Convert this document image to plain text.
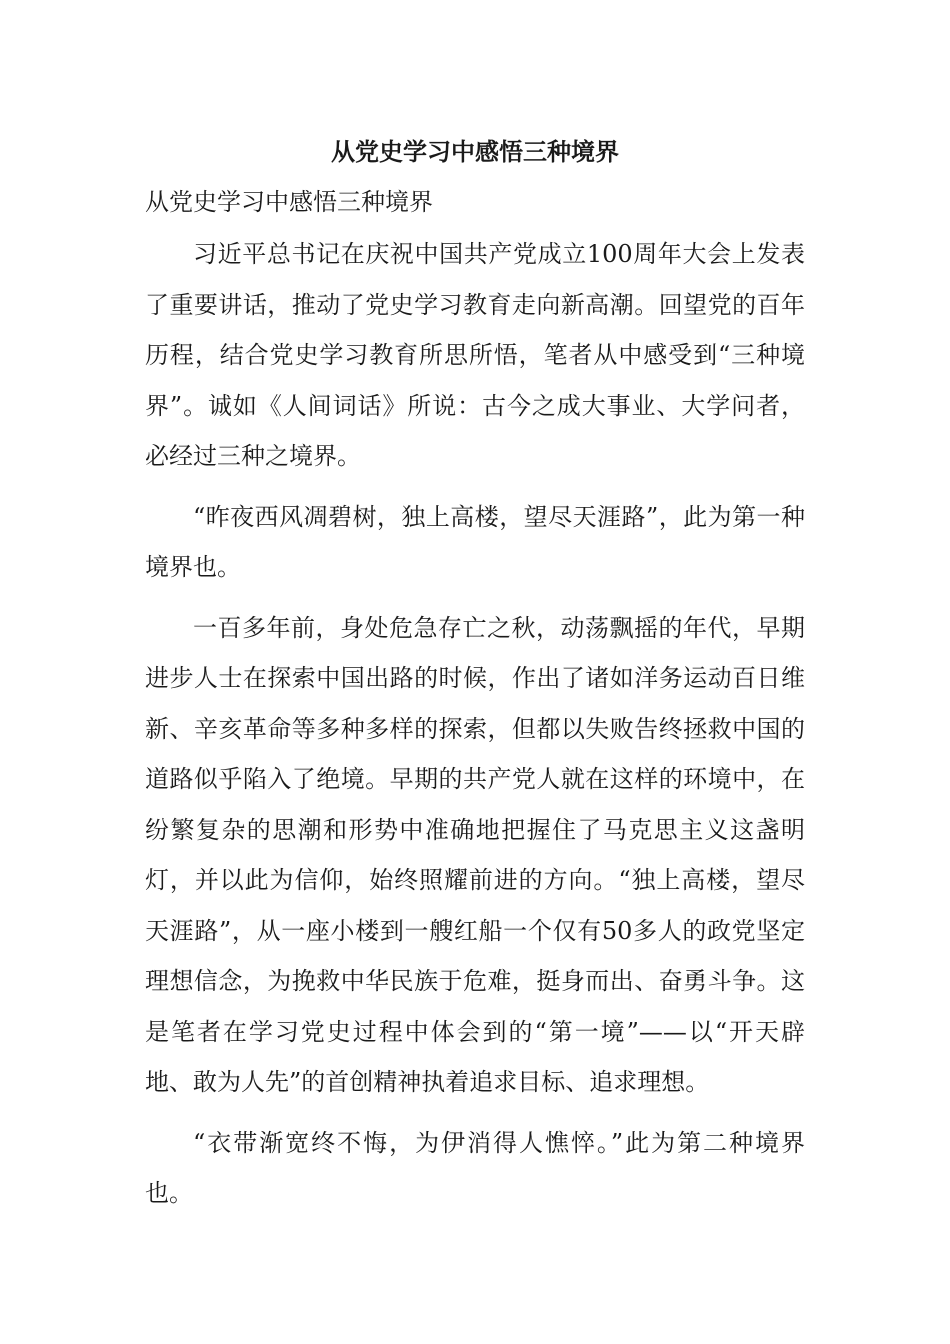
从党史学习中感悟三种境界
从党史学习中感悟三种境界

习近平总书记在庆祝中国共产党成立100周年大会上发表了重要讲话，推动了党史学习教育走向新高潮。回望党的百年历程，结合党史学习教育所思所悟，笔者从中感受到“三种境界”。诚如《人间词话》所说：古今之成大事业、大学问者，必经过三种之境界。

“昨夜西风凋碧树，独上高楼，望尽天涯路”，此为第一种境界也。

一百多年前，身处危急存亡之秋，动荡飘摇的年代，早期进步人士在探索中国出路的时候，作出了诸如洋务运动百日维新、辛亥革命等多种多样的探索，但都以失败告终拯救中国的道路似乎陷入了绝境。早期的共产党人就在这样的环境中，在纷繁复杂的思潮和形势中准确地把握住了马克思主义这盏明灯，并以此为信仰，始终照耀前进的方向。“独上高楼，望尽天涯路”，从一座小楼到一艘红船一个仅有50多人的政党坚定理想信念，为挽救中华民族于危难，挺身而出、奋勇斗争。这是笔者在学习党史过程中体会到的“第一境”——以“开天辟地、敢为人先”的首创精神执着追求目标、追求理想。

“衣带渐宽终不悔，为伊消得人憔悴。”此为第二种境界也。
